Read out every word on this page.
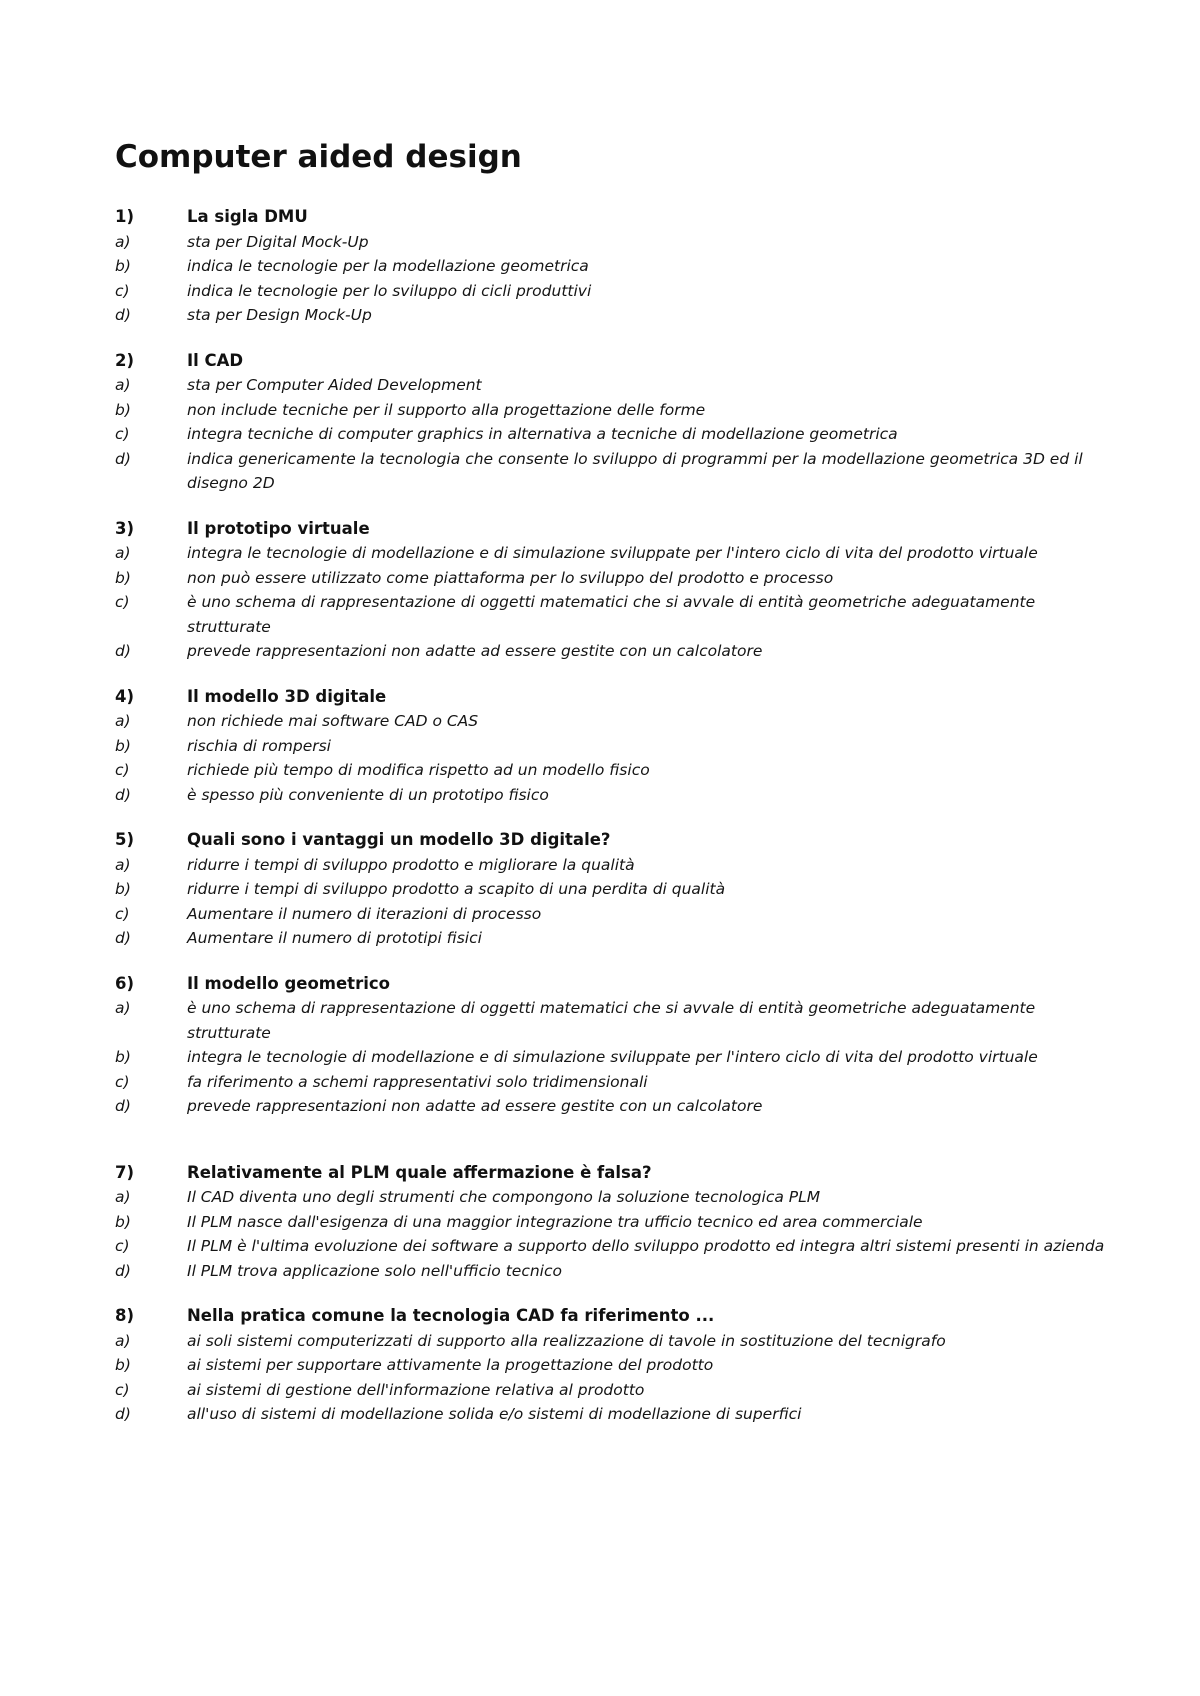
Computer aided design
1)	La sigla DMU
a)	sta per Digital Mock-Up
b)	indica le tecnologie per la modellazione geometrica
c)	indica le tecnologie per lo sviluppo di cicli produttivi
d)	sta per Design Mock-Up
2)	Il CAD
a)	sta per Computer Aided Development
b)	non include tecniche per il supporto alla progettazione delle forme
c)	integra tecniche di computer graphics in alternativa a tecniche di modellazione geometrica
d)	indica genericamente la tecnologia che consente lo sviluppo di programmi per la modellazione geometrica 3D ed il disegno 2D
3)	Il prototipo virtuale
a)	integra le tecnologie di modellazione e di simulazione sviluppate per l'intero ciclo di vita del prodotto virtuale
b)	non può essere utilizzato come piattaforma per lo sviluppo del prodotto e processo
c)	è uno schema di rappresentazione di oggetti matematici che si avvale di entità geometriche adeguatamente strutturate
d)	prevede rappresentazioni non adatte ad essere gestite con un calcolatore
4)	Il modello 3D digitale
a)	non richiede mai software CAD o CAS
b)	rischia di rompersi
c)	richiede più tempo di modifica rispetto ad un modello fisico
d)	è spesso più conveniente di un prototipo fisico
5)	Quali sono i vantaggi un modello 3D digitale?
a)	ridurre i tempi di sviluppo prodotto e migliorare la qualità
b)	ridurre i tempi di sviluppo prodotto a scapito di una perdita di qualità
c)	Aumentare il numero di iterazioni di processo
d)	Aumentare il numero di prototipi fisici
6)	Il modello geometrico
a)	è uno schema di rappresentazione di oggetti matematici che si avvale di entità geometriche adeguatamente strutturate
b)	integra le tecnologie di modellazione e di simulazione sviluppate per l'intero ciclo di vita del prodotto virtuale
c)	fa riferimento a schemi rappresentativi solo tridimensionali
d)	prevede rappresentazioni non adatte ad essere gestite con un calcolatore
7)	Relativamente al PLM quale affermazione è falsa?
a)	Il CAD diventa uno degli strumenti che compongono la soluzione tecnologica PLM
b)	Il PLM nasce dall'esigenza di una maggior integrazione tra ufficio tecnico ed area commerciale
c)	Il PLM è l'ultima evoluzione dei software a supporto dello sviluppo prodotto ed integra altri sistemi presenti in azienda
d)	Il PLM trova applicazione solo nell'ufficio tecnico
8)	Nella pratica comune la tecnologia CAD fa riferimento ...
a)	ai soli sistemi computerizzati di supporto alla realizzazione di tavole in sostituzione del tecnigrafo
b)	ai sistemi per supportare attivamente la progettazione del prodotto
c)	ai sistemi di gestione dell'informazione relativa al prodotto
d)	all'uso di sistemi di modellazione solida e/o sistemi di modellazione di superfici
